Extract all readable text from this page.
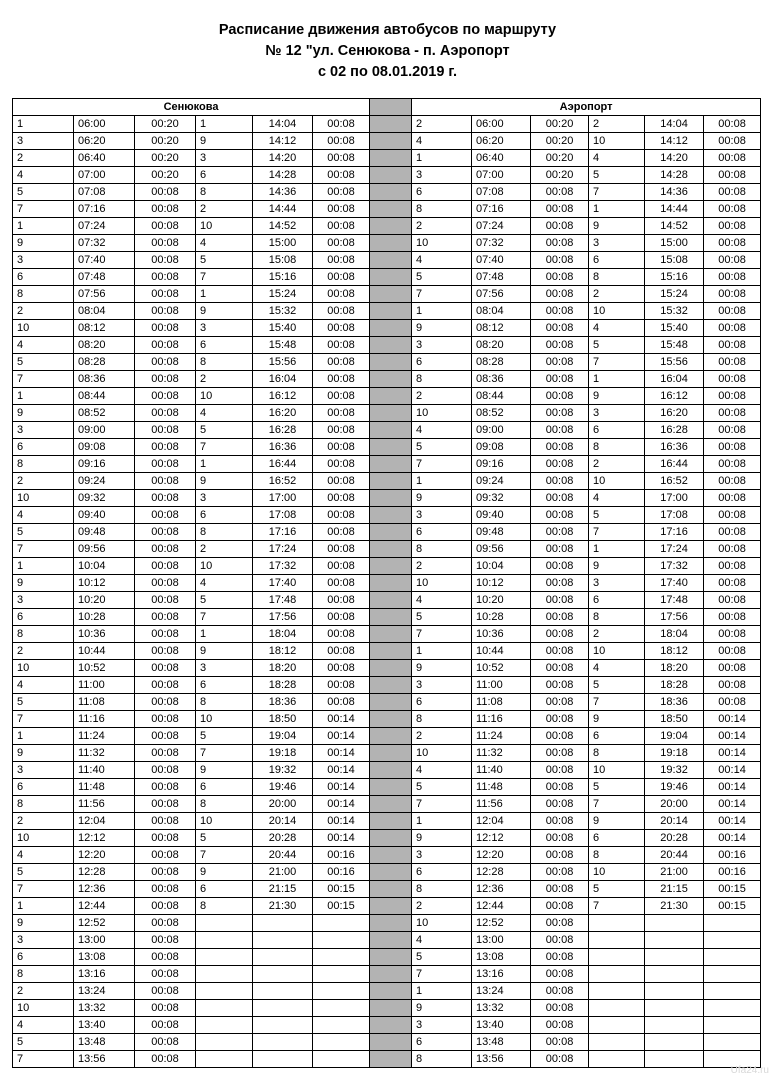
Расписание движения автобусов по маршруту
№ 12 "ул. Сенюкова - п. Аэропорт
с 02 по 08.01.2019 г.
Сенюкова							Аэропорт					
1	06:00	00:20	1	14:04	00:08		2	06:00	00:20	2	14:04	00:08
3	06:20	00:20	9	14:12	00:08		4	06:20	00:20	10	14:12	00:08
2	06:40	00:20	3	14:20	00:08		1	06:40	00:20	4	14:20	00:08
4	07:00	00:20	6	14:28	00:08		3	07:00	00:20	5	14:28	00:08
5	07:08	00:08	8	14:36	00:08		6	07:08	00:08	7	14:36	00:08
7	07:16	00:08	2	14:44	00:08		8	07:16	00:08	1	14:44	00:08
1	07:24	00:08	10	14:52	00:08		2	07:24	00:08	9	14:52	00:08
9	07:32	00:08	4	15:00	00:08		10	07:32	00:08	3	15:00	00:08
3	07:40	00:08	5	15:08	00:08		4	07:40	00:08	6	15:08	00:08
6	07:48	00:08	7	15:16	00:08		5	07:48	00:08	8	15:16	00:08
8	07:56	00:08	1	15:24	00:08		7	07:56	00:08	2	15:24	00:08
2	08:04	00:08	9	15:32	00:08		1	08:04	00:08	10	15:32	00:08
10	08:12	00:08	3	15:40	00:08		9	08:12	00:08	4	15:40	00:08
4	08:20	00:08	6	15:48	00:08		3	08:20	00:08	5	15:48	00:08
5	08:28	00:08	8	15:56	00:08		6	08:28	00:08	7	15:56	00:08
7	08:36	00:08	2	16:04	00:08		8	08:36	00:08	1	16:04	00:08
1	08:44	00:08	10	16:12	00:08		2	08:44	00:08	9	16:12	00:08
9	08:52	00:08	4	16:20	00:08		10	08:52	00:08	3	16:20	00:08
3	09:00	00:08	5	16:28	00:08		4	09:00	00:08	6	16:28	00:08
6	09:08	00:08	7	16:36	00:08		5	09:08	00:08	8	16:36	00:08
8	09:16	00:08	1	16:44	00:08		7	09:16	00:08	2	16:44	00:08
2	09:24	00:08	9	16:52	00:08		1	09:24	00:08	10	16:52	00:08
10	09:32	00:08	3	17:00	00:08		9	09:32	00:08	4	17:00	00:08
4	09:40	00:08	6	17:08	00:08		3	09:40	00:08	5	17:08	00:08
5	09:48	00:08	8	17:16	00:08		6	09:48	00:08	7	17:16	00:08
7	09:56	00:08	2	17:24	00:08		8	09:56	00:08	1	17:24	00:08
1	10:04	00:08	10	17:32	00:08		2	10:04	00:08	9	17:32	00:08
9	10:12	00:08	4	17:40	00:08		10	10:12	00:08	3	17:40	00:08
3	10:20	00:08	5	17:48	00:08		4	10:20	00:08	6	17:48	00:08
6	10:28	00:08	7	17:56	00:08		5	10:28	00:08	8	17:56	00:08
8	10:36	00:08	1	18:04	00:08		7	10:36	00:08	2	18:04	00:08
2	10:44	00:08	9	18:12	00:08		1	10:44	00:08	10	18:12	00:08
10	10:52	00:08	3	18:20	00:08		9	10:52	00:08	4	18:20	00:08
4	11:00	00:08	6	18:28	00:08		3	11:00	00:08	5	18:28	00:08
5	11:08	00:08	8	18:36	00:08		6	11:08	00:08	7	18:36	00:08
7	11:16	00:08	10	18:50	00:14		8	11:16	00:08	9	18:50	00:14
1	11:24	00:08	5	19:04	00:14		2	11:24	00:08	6	19:04	00:14
9	11:32	00:08	7	19:18	00:14		10	11:32	00:08	8	19:18	00:14
3	11:40	00:08	9	19:32	00:14		4	11:40	00:08	10	19:32	00:14
6	11:48	00:08	6	19:46	00:14		5	11:48	00:08	5	19:46	00:14
8	11:56	00:08	8	20:00	00:14		7	11:56	00:08	7	20:00	00:14
2	12:04	00:08	10	20:14	00:14		1	12:04	00:08	9	20:14	00:14
10	12:12	00:08	5	20:28	00:14		9	12:12	00:08	6	20:28	00:14
4	12:20	00:08	7	20:44	00:16		3	12:20	00:08	8	20:44	00:16
5	12:28	00:08	9	21:00	00:16		6	12:28	00:08	10	21:00	00:16
7	12:36	00:08	6	21:15	00:15		8	12:36	00:08	5	21:15	00:15
1	12:44	00:08	8	21:30	00:15		2	12:44	00:08	7	21:30	00:15
9	12:52	00:08					10	12:52	00:08			
3	13:00	00:08					4	13:00	00:08			
6	13:08	00:08					5	13:08	00:08			
8	13:16	00:08					7	13:16	00:08			
2	13:24	00:08					1	13:24	00:08			
10	13:32	00:08					9	13:32	00:08			
4	13:40	00:08					3	13:40	00:08			
5	13:48	00:08					6	13:48	00:08			
7	13:56	00:08					8	13:56	00:08			
Ufa24.ru
